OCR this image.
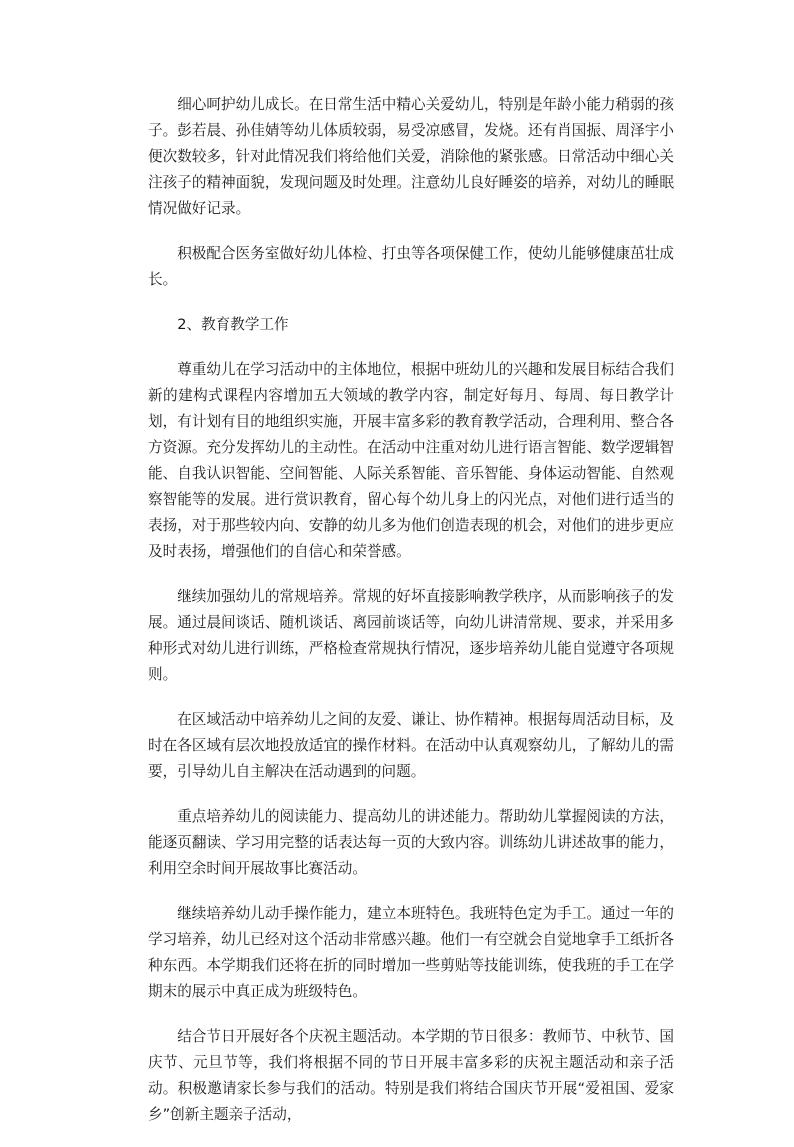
细心呵护幼儿成长。在日常生活中精心关爱幼儿，特别是年龄小能力稍弱的孩子。彭若晨、孙佳婧等幼儿体质较弱，易受凉感冒，发烧。还有肖国振、周泽宇小便次数较多，针对此情况我们将给他们关爱，消除他的紧张感。日常活动中细心关注孩子的精神面貌，发现问题及时处理。注意幼儿良好睡姿的培养，对幼儿的睡眠情况做好记录。

积极配合医务室做好幼儿体检、打虫等各项保健工作，使幼儿能够健康茁壮成长。

2、教育教学工作

尊重幼儿在学习活动中的主体地位，根据中班幼儿的兴趣和发展目标结合我们新的建构式课程内容增加五大领域的教学内容，制定好每月、每周、每日教学计划，有计划有目的地组织实施，开展丰富多彩的教育教学活动，合理利用、整合各方资源。充分发挥幼儿的主动性。在活动中注重对幼儿进行语言智能、数学逻辑智能、自我认识智能、空间智能、人际关系智能、音乐智能、身体运动智能、自然观察智能等的发展。进行赏识教育，留心每个幼儿身上的闪光点，对他们进行适当的表扬，对于那些较内向、安静的幼儿多为他们创造表现的机会，对他们的进步更应及时表扬，增强他们的自信心和荣誉感。

继续加强幼儿的常规培养。常规的好坏直接影响教学秩序，从而影响孩子的发展。通过晨间谈话、随机谈话、离园前谈话等，向幼儿讲清常规、要求，并采用多种形式对幼儿进行训练，严格检查常规执行情况，逐步培养幼儿能自觉遵守各项规则。

在区域活动中培养幼儿之间的友爱、谦让、协作精神。根据每周活动目标，及时在各区域有层次地投放适宜的操作材料。在活动中认真观察幼儿，了解幼儿的需要，引导幼儿自主解决在活动遇到的问题。

重点培养幼儿的阅读能力、提高幼儿的讲述能力。帮助幼儿掌握阅读的方法，能逐页翻读、学习用完整的话表达每一页的大致内容。训练幼儿讲述故事的能力，利用空余时间开展故事比赛活动。

继续培养幼儿动手操作能力，建立本班特色。我班特色定为手工。通过一年的学习培养，幼儿已经对这个活动非常感兴趣。他们一有空就会自觉地拿手工纸折各种东西。本学期我们还将在折的同时增加一些剪贴等技能训练，使我班的手工在学期末的展示中真正成为班级特色。

结合节日开展好各个庆祝主题活动。本学期的节日很多：教师节、中秋节、国庆节、元旦节等，我们将根据不同的节日开展丰富多彩的庆祝主题活动和亲子活动。积极邀请家长参与我们的活动。特别是我们将结合国庆节开展“爱祖国、爱家乡”创新主题亲子活动，
